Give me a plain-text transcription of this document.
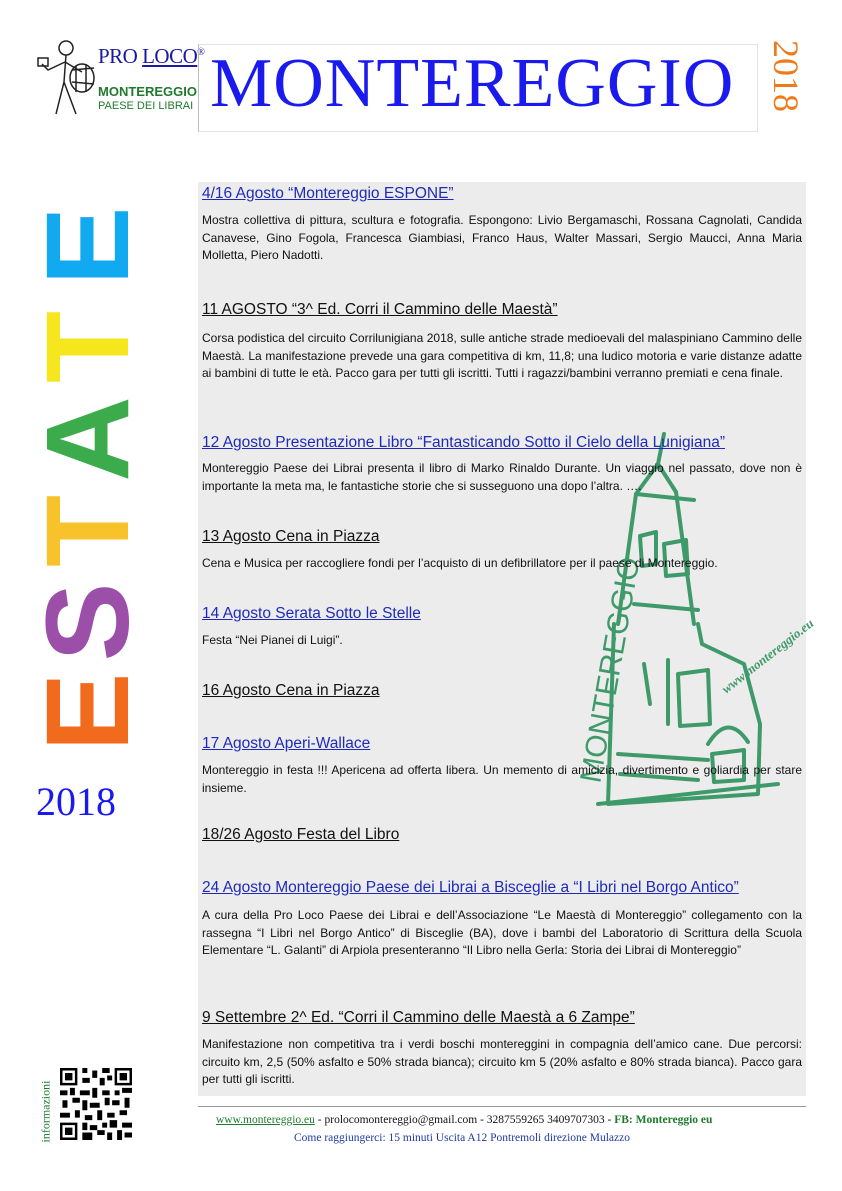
PRO LOCO®
MONTEREGGIO
PAESE DEI LIBRAI MONTEREGGIO 2018
E
S
T
A
T
E
2018
MONTEREGGIO	www.montereggio.eu
4/16 Agosto “Montereggio ESPONE”
Mostra collettiva di pittura, scultura e fotografia. Espongono: Livio Bergamaschi, Rossana Cagnolati, Candida Canavese, Gino Fogola, Francesca Giambiasi, Franco Haus, Walter Massari, Sergio Maucci, Anna Maria Molletta, Piero Nadotti.
11 AGOSTO “3^ Ed. Corri il Cammino delle Maestà”
Corsa podistica del circuito Corrilunigiana 2018, sulle antiche strade medioevali del malaspiniano Cammino delle Maestà. La manifestazione prevede una gara competitiva di km, 11,8; una ludico motoria e varie distanze adatte ai bambini di tutte le età. Pacco gara per tutti gli iscritti. Tutti i ragazzi/bambini verranno premiati e cena finale.
12 Agosto Presentazione Libro “Fantasticando Sotto il Cielo della Lunigiana”
Montereggio Paese dei Librai presenta il libro di Marko Rinaldo Durante. Un viaggio nel passato, dove non è importante la meta ma, le fantastiche storie che si susseguono una dopo l’altra. ….
13 Agosto Cena in Piazza
Cena e Musica per raccogliere fondi per l’acquisto di un defibrillatore per il paese di Montereggio.
14 Agosto Serata Sotto le Stelle
Festa “Nei Pianei di Luigi”.
16 Agosto Cena in Piazza
17 Agosto Aperi-Wallace
Montereggio in festa !!! Apericena ad offerta libera. Un memento di amicizia, divertimento e goliardia per stare insieme.
18/26 Agosto Festa del Libro
24 Agosto Montereggio Paese dei Librai a Bisceglie a “I Libri nel Borgo Antico”
A cura della Pro Loco Paese dei Librai e dell’Associazione “Le Maestà di Montereggio” collegamento con la rassegna “I Libri nel Borgo Antico” di Bisceglie (BA), dove i bambi del Laboratorio di Scrittura della Scuola Elementare “L. Galanti” di Arpiola presenteranno “Il Libro nella Gerla: Storia dei Librai di Montereggio”
9 Settembre 2^ Ed. “Corri il Cammino delle Maestà a 6 Zampe”
Manifestazione non competitiva tra i verdi boschi montereggini in compagnia dell’amico cane. Due percorsi: circuito km, 2,5 (50% asfalto e 50% strada bianca); circuito km 5 (20% asfalto e 80% strada bianca). Pacco gara per tutti gli iscritti.
informazioni	www.montereggio.eu - prolocomontereggio@gmail.com - 3287559265 3409707303 - FB: Montereggio eu
Come raggiungerci: 15 minuti Uscita A12 Pontremoli direzione Mulazzo
